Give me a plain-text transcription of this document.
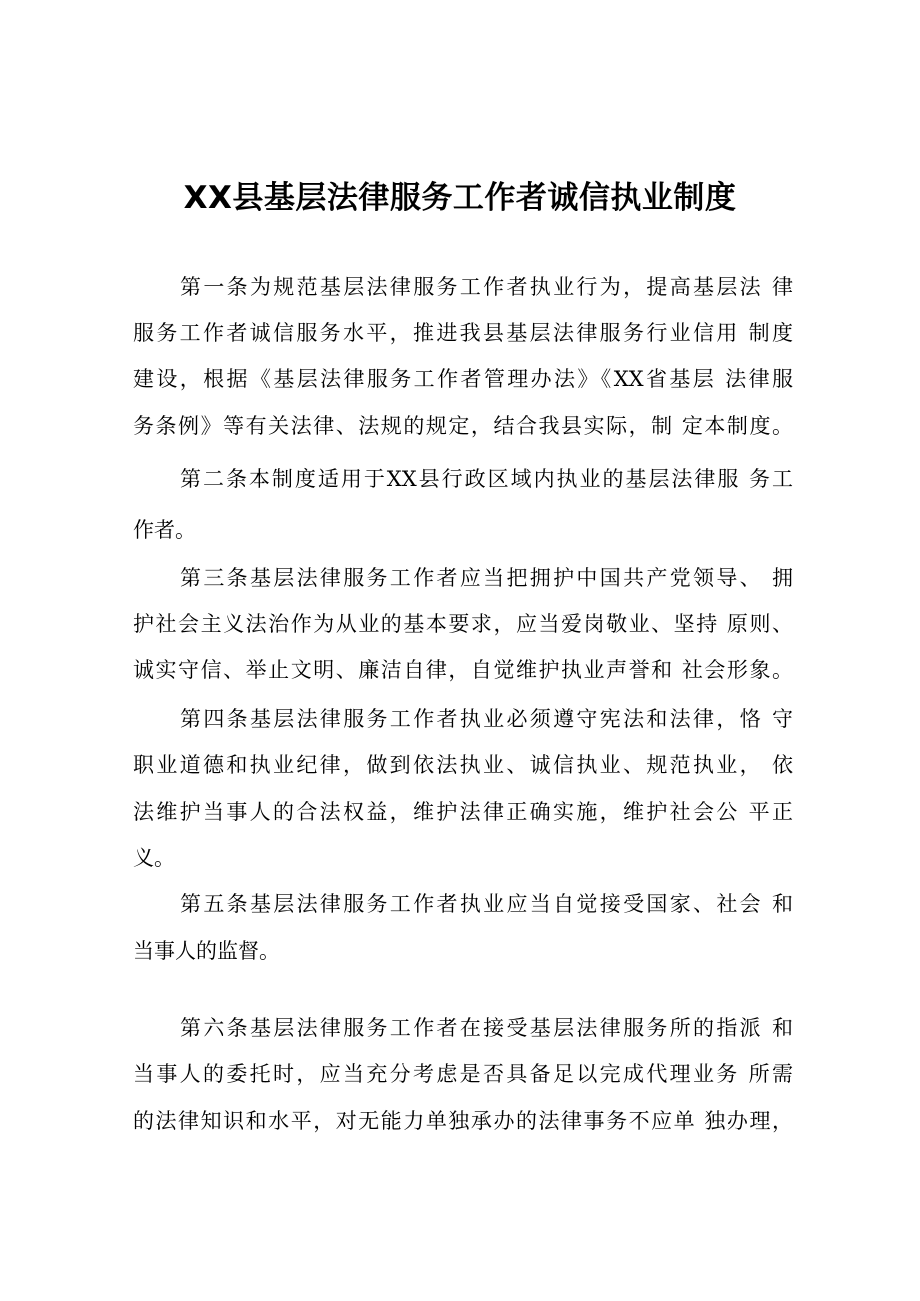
XX县基层法律服务工作者诚信执业制度
第一条为规范基层法律服务工作者执业行为，提高基层法 律
服务工作者诚信服务水平，推进我县基层法律服务行业信用 制度
建设，根据《基层法律服务工作者管理办法》《XX省基层 法律服
务条例》等有关法律、法规的规定，结合我县实际，制 定本制度。
第二条本制度适用于XX县行政区域内执业的基层法律服 务工
作者。
第三条基层法律服务工作者应当把拥护中国共产党领导、 拥
护社会主义法治作为从业的基本要求，应当爱岗敬业、坚持 原则、
诚实守信、举止文明、廉洁自律，自觉维护执业声誉和 社会形象。
第四条基层法律服务工作者执业必须遵守宪法和法律，恪 守
职业道德和执业纪律，做到依法执业、诚信执业、规范执业， 依
法维护当事人的合法权益，维护法律正确实施，维护社会公 平正
义。
第五条基层法律服务工作者执业应当自觉接受国家、社会 和
当事人的监督。
第六条基层法律服务工作者在接受基层法律服务所的指派 和
当事人的委托时，应当充分考虑是否具备足以完成代理业务 所需
的法律知识和水平，对无能力单独承办的法律事务不应单 独办理，
